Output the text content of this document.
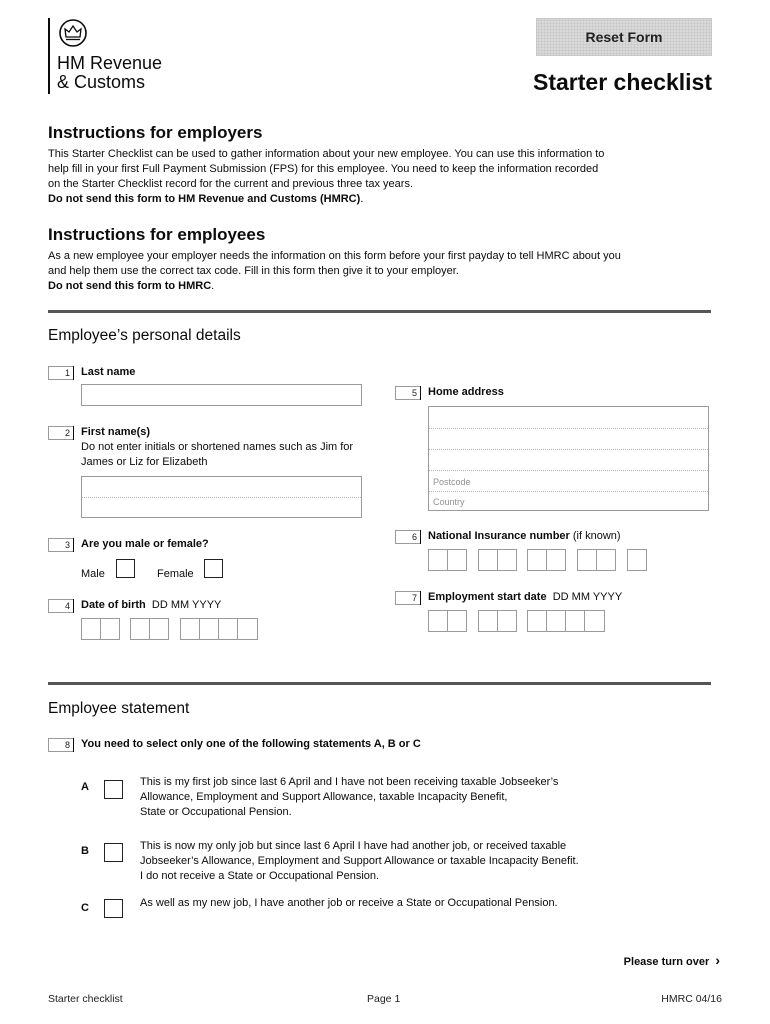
HM Revenue
& Customs
Reset Form
Starter checklist
Instructions for employers
This Starter Checklist can be used to gather information about your new employee. You can use this information to help fill in your first Full Payment Submission (FPS) for this employee. You need to keep the information recorded on the Starter Checklist record for the current and previous three tax years.
Do not send this form to HM Revenue and Customs (HMRC).
Instructions for employees
As a new employee your employer needs the information on this form before your first payday to tell HMRC about you and help them use the correct tax code. Fill in this form then give it to your employer.
Do not send this form to HMRC.
Employee’s personal details
1 Last name
2 First name(s)
Do not enter initials or shortened names such as Jim for James or Liz for Elizabeth
3 Are you male or female?
Male	Female
4 Date of birth DD MM YYYY
5 Home address
Postcode
Country
6 National Insurance number (if known)
7 Employment start date DD MM YYYY
Employee statement
8 You need to select only one of the following statements A, B or C
A	This is my first job since last 6 April and I have not been receiving taxable Jobseeker’s
Allowance, Employment and Support Allowance, taxable Incapacity Benefit,
State or Occupational Pension.
B	This is now my only job but since last 6 April I have had another job, or received taxable
Jobseeker’s Allowance, Employment and Support Allowance or taxable Incapacity Benefit.
I do not receive a State or Occupational Pension.
C	As well as my new job, I have another job or receive a State or Occupational Pension.
Please turn over ›
Starter checklist	Page 1	HMRC 04/16
